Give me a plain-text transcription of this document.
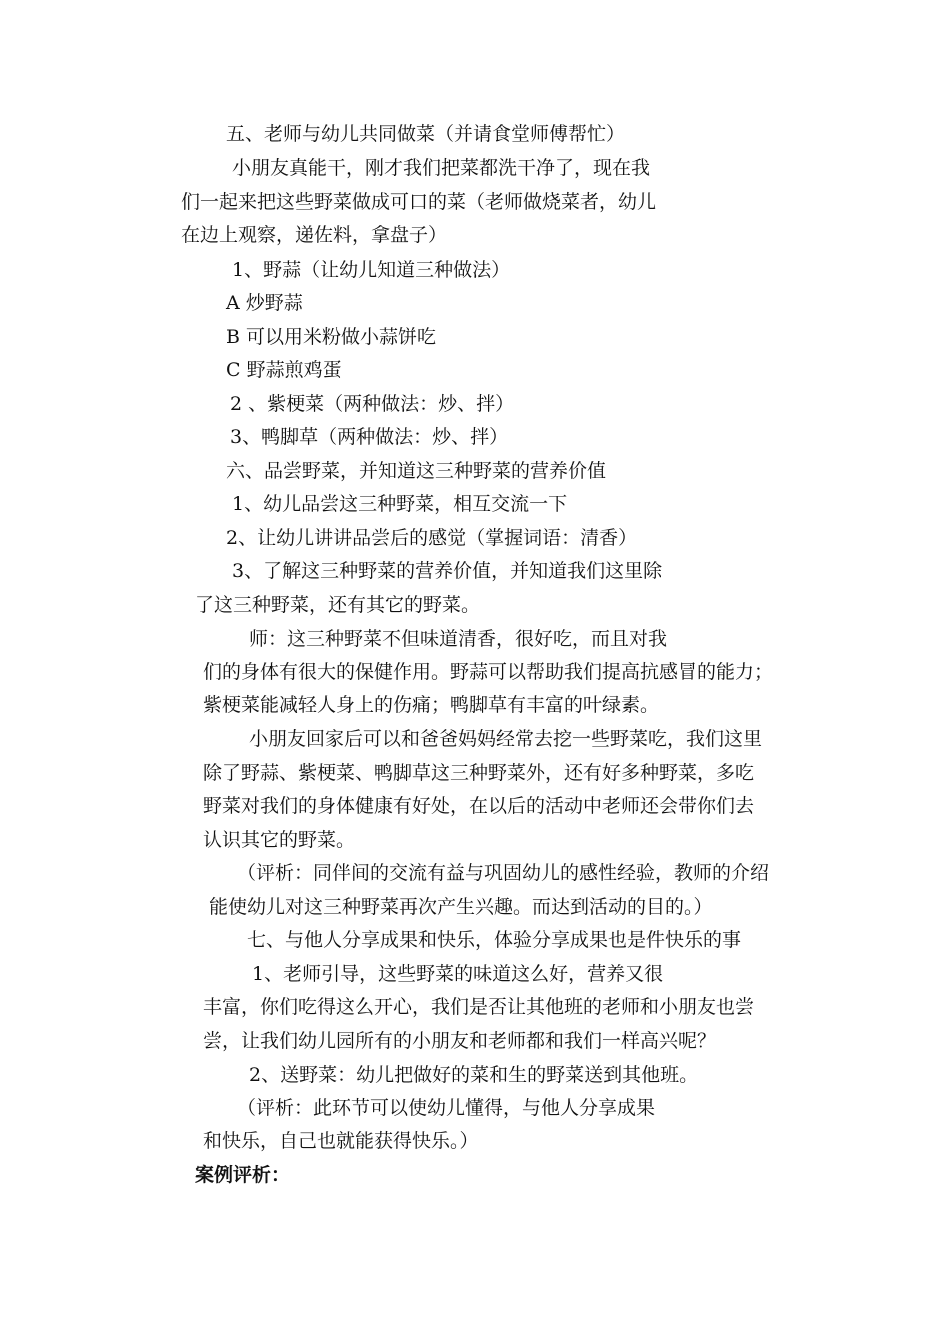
五、老师与幼儿共同做菜（并请食堂师傅帮忙）
小朋友真能干，刚才我们把菜都洗干净了，现在我
们一起来把这些野菜做成可口的菜（老师做烧菜者，幼儿
在边上观察，递佐料，拿盘子）
1、野蒜（让幼儿知道三种做法）
A 炒野蒜
B 可以用米粉做小蒜饼吃
C 野蒜煎鸡蛋
2 、紫梗菜（两种做法：炒、拌）
3、鸭脚草（两种做法：炒、拌）
六、品尝野菜，并知道这三种野菜的营养价值
1、幼儿品尝这三种野菜，相互交流一下
2、让幼儿讲讲品尝后的感觉（掌握词语：清香）
3、了解这三种野菜的营养价值，并知道我们这里除
了这三种野菜，还有其它的野菜。
师：这三种野菜不但味道清香，很好吃，而且对我
们的身体有很大的保健作用。野蒜可以帮助我们提高抗感冒的能力；
紫梗菜能减轻人身上的伤痛；鸭脚草有丰富的叶绿素。
小朋友回家后可以和爸爸妈妈经常去挖一些野菜吃，我们这里
除了野蒜、紫梗菜、鸭脚草这三种野菜外，还有好多种野菜，多吃
野菜对我们的身体健康有好处，在以后的活动中老师还会带你们去
认识其它的野菜。
（评析：同伴间的交流有益与巩固幼儿的感性经验，教师的介绍
能使幼儿对这三种野菜再次产生兴趣。而达到活动的目的。）
七、与他人分享成果和快乐，体验分享成果也是件快乐的事
1、老师引导，这些野菜的味道这么好，营养又很
丰富，你们吃得这么开心，我们是否让其他班的老师和小朋友也尝
尝，让我们幼儿园所有的小朋友和老师都和我们一样高兴呢？
2、送野菜：幼儿把做好的菜和生的野菜送到其他班。
（评析：此环节可以使幼儿懂得，与他人分享成果
和快乐，自己也就能获得快乐。）
案例评析：
